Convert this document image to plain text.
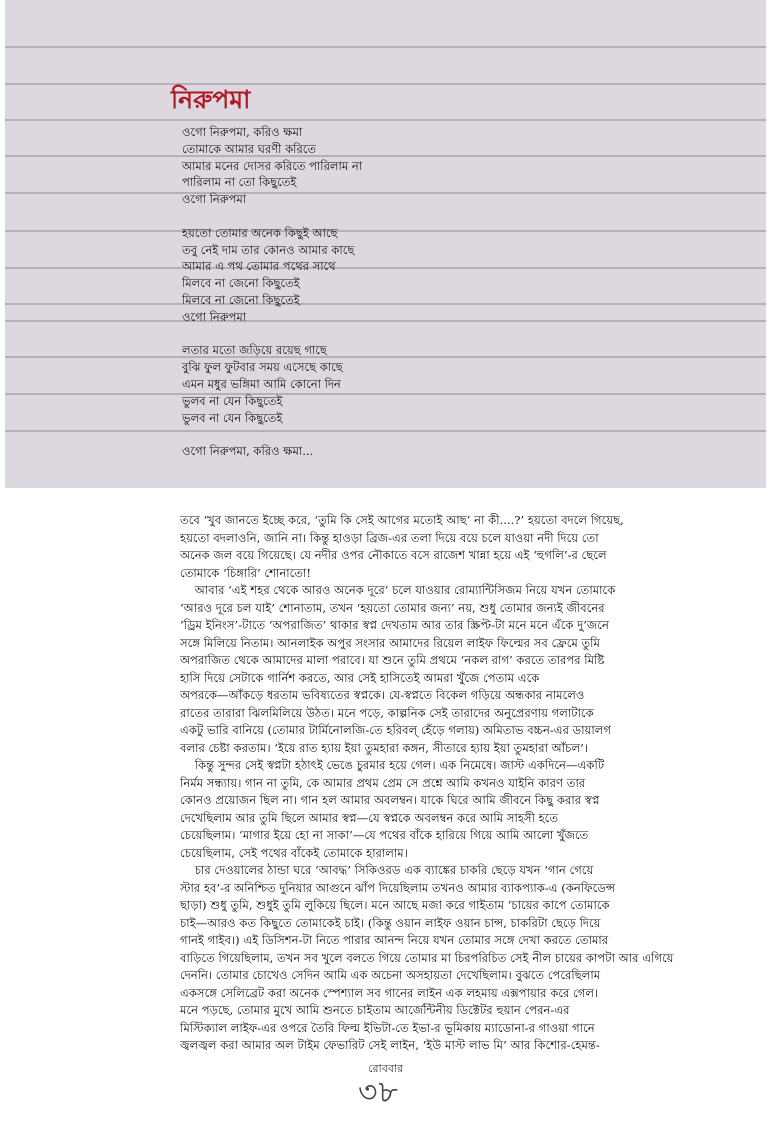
নিরুপমা
ওগো নিরুপমা, করিও ক্ষমা
তোমাকে আমার ঘরণী করিতে
আমার মনের দোসর করিতে পারিলাম না
পারিলাম না তো কিছুতেই
ওগো নিরুপমা
হয়তো তোমার অনেক কিছুই আছে
তবু নেই দাম তার কোনও আমার কাছে
আমার এ পথ তোমার পথের সাথে
মিলবে না জেনো কিছুতেই
মিলবে না জেনো কিছুতেই
ওগো নিরুপমা
লতার মতো জড়িয়ে রয়েছ গাছে
বুঝি ফুল ফুটবার সময় এসেছে কাছে
এমন মধুর ভঙ্গিমা আমি কোনো দিন
ভুলব না যেন কিছুতেই
ভুলব না যেন কিছুতেই
ওগো নিরুপমা, করিও ক্ষমা...
তবে ‘খুব জানতে ইচ্ছে করে, ‘তুমি কি সেই আগের মতোই আছ’ না কী....?’ হয়তো বদলে গিয়েছ,
হয়তো বদলাওনি, জানি না। কিন্তু হাওড়া ব্রিজ-এর তলা দিয়ে বয়ে চলে যাওয়া নদী দিয়ে তো
অনেক জল বয়ে গিয়েছে। যে নদীর ওপর নৌকাতে বসে রাজেশ খান্না হয়ে এই ‘হুগলি’-র ছেলে
তোমাকে ‘চিঙ্গারি’ শোনাতো!
আবার ‘এই শহর থেকে আরও অনেক দূরে’ চলে যাওয়ার রোম্যান্টিসিজম নিয়ে যখন তোমাকে
‘আরও দূরে চল যাই’ শোনাতাম, তখন ‘হয়তো তোমার জন্য’ নয়, শুধু তোমার জন্যই জীবনের
‘ড্রিম ইনিংস’-টাতে ‘অপরাজিত’ থাকার স্বপ্ন দেখতাম আর তার স্ক্রিপ্ট-টা মনে মনে এঁকে দু’জনে
সঙ্গে মিলিয়ে নিতাম। আনলাইক অপুর সংসার আমাদের রিয়েল লাইফ ফিল্মের সব ফ্রেমে তুমি
অপরাজিত থেকে আমাদের মালা পরাবে। যা শুনে তুমি প্রথমে ‘নকল রাগ’ করতে তারপর মিষ্টি
হাসি দিয়ে সেটাকে গার্নিশ করতে, আর সেই হাসিতেই আমরা খুঁজে পেতাম একে
অপরকে—আঁকড়ে ধরতাম ভবিষ্যতের স্বপ্নকে। যে-স্বপ্নতে বিকেল গড়িয়ে অন্ধকার নামলেও
রাতের তারারা ঝিলমিলিয়ে উঠত। মনে পড়ে, কাল্পনিক সেই তারাদের অনুপ্রেরণায় গলাটাকে
একটু ভারি বানিয়ে (তোমার টার্মিনোলজি-তে হরিবল্ হেঁড়ে গলায়) অমিতাভ বচ্চন-এর ডায়ালগ
বলার চেষ্টা করতাম। ‘ইয়ে রাত হ্যায় ইয়া তুমহারা কঙ্গন, সীতারে হ্যায় ইয়া তুমহারা আঁচল’।
কিন্তু সুন্দর সেই স্বপ্নটা হঠাৎই ভেঙে চুরমার হয়ে গেল। এক নিমেষে। জাস্ট একদিনে—একটি
নির্মম সন্ধ্যায়। গান না তুমি, কে আমার প্রথম প্রেম সে প্রশ্নে আমি কখনও যাইনি কারণ তার
কোনও প্রয়োজন ছিল না। গান হল আমার অবলম্বন। যাকে ঘিরে আমি জীবনে কিছু করার স্বপ্ন
দেখেছিলাম আর তুমি ছিলে আমার স্বপ্ন—যে স্বপ্নকে অবলম্বন করে আমি সাহসী হতে
চেয়েছিলাম। ‘মাগার ইয়ে হো না সাকা’—যে পথের বাঁকে হারিয়ে গিয়ে আমি আলো খুঁজতে
চেয়েছিলাম, সেই পথের বাঁকেই তোমাকে হারালাম।
চার দেওয়ালের ঠান্ডা ঘরে ‘আবদ্ধ’ সিকিওরড এক ব্যাঙ্কের চাকরি ছেড়ে যখন ‘গান গেয়ে
স্টার হব’-র অনিশ্চিত দুনিয়ার আগুনে ঝাঁপ দিয়েছিলাম তখনও আমার ব্যাকপ্যাক-এ (কনফিডেন্স
ছাড়া) শুধু তুমি, শুধুই তুমি লুকিয়ে ছিলে। মনে আছে মজা করে গাইতাম ‘চায়ের কাপে তোমাকে
চাই—আরও কত কিছুতে তোমাকেই চাই। (কিন্তু ওয়ান লাইফ ওয়ান চান্স, চাকরিটা ছেড়ে দিয়ে
গানই গাইব।) এই ডিসিশন-টা নিতে পারার আনন্দ নিয়ে যখন তোমার সঙ্গে দেখা করতে তোমার
বাড়িতে গিয়েছিলাম, তখন সব খুলে বলতে গিয়ে তোমার মা চিরপরিচিত সেই নীল চায়ের কাপটা আর এগিয়ে
দেননি। তোমার চোখেও সেদিন আমি এক অচেনা অসহায়তা দেখেছিলাম। বুঝতে পেরেছিলাম
একসঙ্গে সেলিব্রেট করা অনেক স্পেশ্যাল সব গানের লাইন এক লহমায় এক্সপায়ার করে গেল।
মনে পড়ছে, তোমার মুখে আমি শুনতে চাইতাম আর্জেন্টিনীয় ডিক্টেটর হুয়ান পেরন-এর
মিস্টিক্যাল লাইফ-এর ওপরে তৈরি ফিল্ম ইভিটা-তে ইভা-র ভূমিকায় ম্যাডোনা-র গাওয়া গানে
জ্বলজ্বল করা আমার অল টাইম ফেভারিট সেই লাইন, ‘ইউ মাস্ট লাভ মি’ আর কিশোর-হেমন্ত-
রোববার
৩৮
